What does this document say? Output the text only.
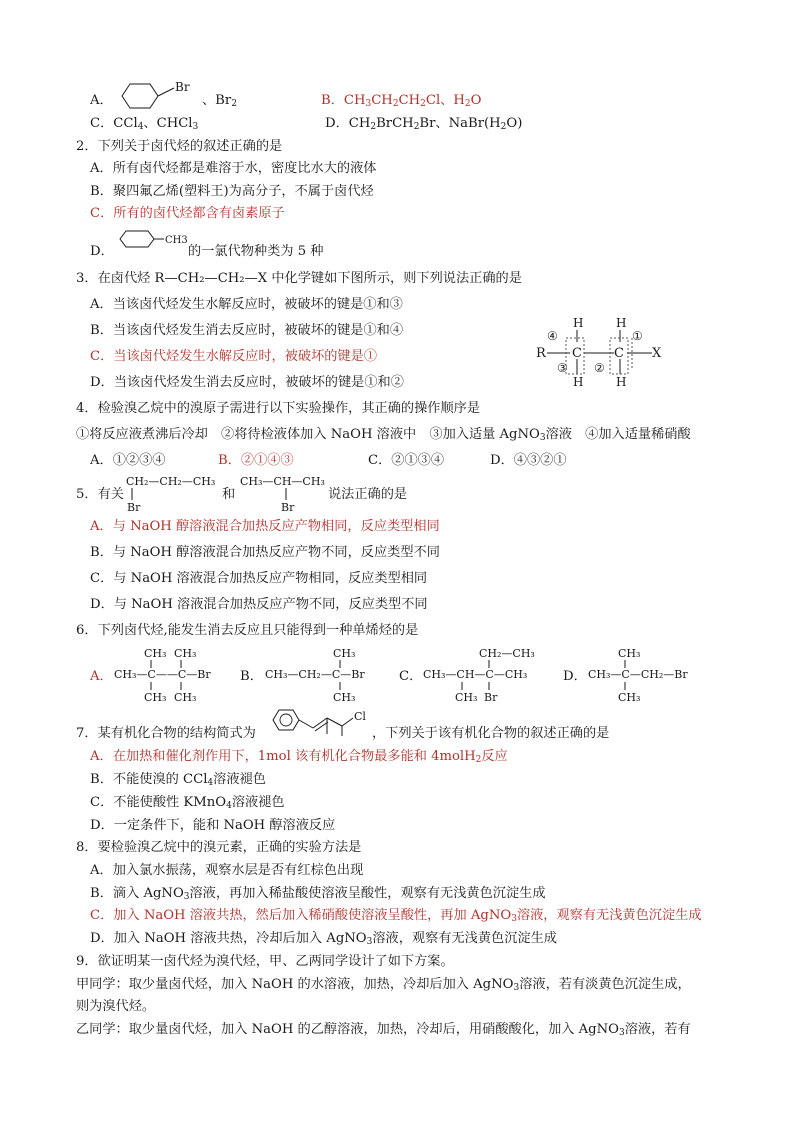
A．
Br
、$Br_2$	B．$CH_3CH_2CH_2Cl$、$H_2O$
C．CCl$_4$、CHCl$_3$	D．$CH_2BrCH_2Br$、$NaBr(H_2O)$
2．下列关于卤代烃的叙述正确的是
A．所有卤代烃都是难溶于水，密度比水大的液体
B．聚四氟乙烯(塑料王)为高分子，不属于卤代烃
C．所有的卤代烃都含有卤素原子
D．
CH3
的一氯代物种类为 5 种
3．在卤代烃 R—CH₂—CH₂—X 中化学键如下图所示，则下列说法正确的是
A．当该卤代烃发生水解反应时，被破坏的键是①和③
B．当该卤代烃发生消去反应时，被破坏的键是①和④
C．当该卤代烃发生水解反应时，被破坏的键是①
D．当该卤代烃发生消去反应时，被破坏的键是①和②
R C C X
H	H
H	H
④	①
③ ②
4．检验溴乙烷中的溴原子需进行以下实验操作，其正确的操作顺序是
①将反应液煮沸后冷却　②将待检液体加入 NaOH 溶液中　③加入适量 AgNO$_3$溶液　④加入适量稀硝酸
A．①②③④	B．②①④③	C．②①③④	D．④③②①
5．有关
CH₂—CH₂—CH₃
Br
和
CH₃—CH—CH₃
Br
说法正确的是
A．与 NaOH 醇溶液混合加热反应产物相同，反应类型相同
B．与 NaOH 醇溶液混合加热反应产物不同，反应类型不同
C．与 NaOH 溶液混合加热反应产物相同，反应类型相同
D．与 NaOH 溶液混合加热反应产物不同，反应类型不同
6．下列卤代烃,能发生消去反应且只能得到一种单烯烃的是
A．
CH₃ CH₃
CH₃—C——C—Br
CH₃ CH₃
B．
CH₃
CH₃—CH₂—C—Br
CH₃
C．
CH₂—CH₃
CH₃—CH—C—CH₃
CH₃ Br
D．
CH₃
CH₃—C—CH₂—Br
CH₃
7．某有机化合物的结构简式为
Cl
，下列关于该有机化合物的叙述正确的是
A．在加热和催化剂作用下，1mol 该有机化合物最多能和 4molH$_2$反应
B．不能使溴的 CCl$_4$溶液褪色
C．不能使酸性 KMnO$_4$溶液褪色
D．一定条件下，能和 NaOH 醇溶液反应
8．要检验溴乙烷中的溴元素，正确的实验方法是
A．加入氯水振荡，观察水层是否有红棕色出现
B．滴入 AgNO$_3$溶液，再加入稀盐酸使溶液呈酸性，观察有无浅黄色沉淀生成
C．加入 NaOH 溶液共热，然后加入稀硝酸使溶液呈酸性，再加 AgNO$_3$溶液，观察有无浅黄色沉淀生成
D．加入 NaOH 溶液共热，冷却后加入 AgNO$_3$溶液，观察有无浅黄色沉淀生成
9．欲证明某一卤代烃为溴代烃，甲、乙两同学设计了如下方案。
甲同学：取少量卤代烃，加入 NaOH 的水溶液，加热，冷却后加入 AgNO$_3$溶液，若有淡黄色沉淀生成，
则为溴代烃。
乙同学：取少量卤代烃，加入 NaOH 的乙醇溶液，加热，冷却后，用硝酸酸化，加入 AgNO$_3$溶液，若有
